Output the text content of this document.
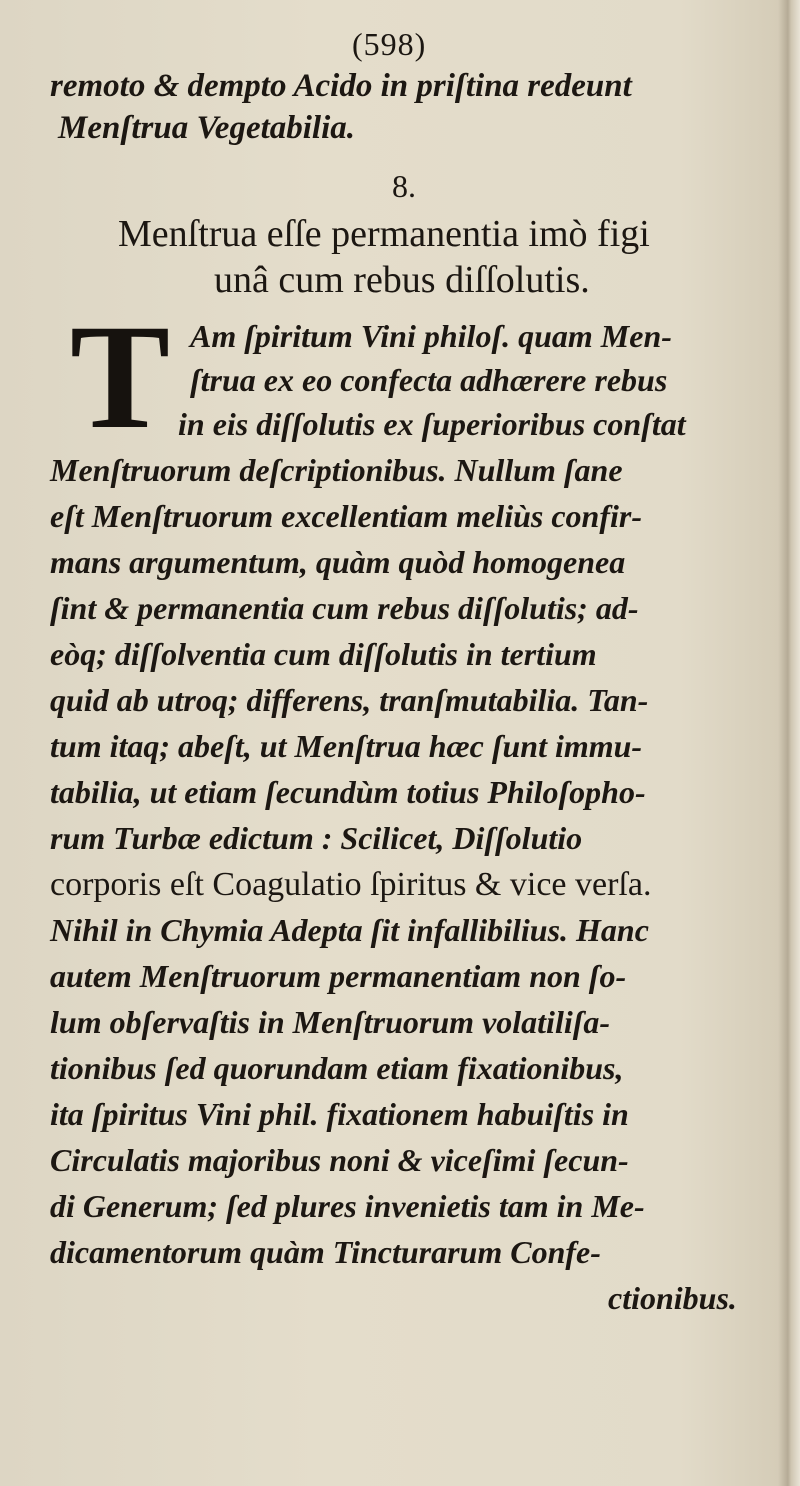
(598)
remoto & dempto Acido in priſtina redeunt
Menſtrua Vegetabilia.
8.
Menſtrua eſſe permanentia imò figi
unâ cum rebus diſſolutis.
T Am ſpiritum Vini philoſ. quam Men-
ſtrua ex eo confecta adhærere rebus
in eis diſſolutis ex ſuperioribus conſtat
Menſtruorum deſcriptionibus. Nullum ſane
eſt Menſtruorum excellentiam meliùs confir-
mans argumentum, quàm quòd homogenea
ſint & permanentia cum rebus diſſolutis; ad-
eòq; diſſolventia cum diſſolutis in tertium
quid ab utroq; differens, tranſmutabilia. Tan-
tum itaq; abeſt, ut Menſtrua hæc ſunt immu-
tabilia, ut etiam ſecundùm totius Philoſopho-
rum Turbæ edictum : Scilicet, Diſſolutio
corporis eſt Coagulatio ſpiritus & vice verſa.
Nihil in Chymia Adepta ſit infallibilius. Hanc
autem Menſtruorum permanentiam non ſo-
lum obſervaſtis in Menſtruorum volatiliſa-
tionibus ſed quorundam etiam fixationibus,
ita ſpiritus Vini phil. fixationem habuiſtis in
Circulatis majoribus noni & viceſimi ſecun-
di Generum; ſed plures invenietis tam in Me-
dicamentorum quàm Tincturarum Confe-
ctionibus.
